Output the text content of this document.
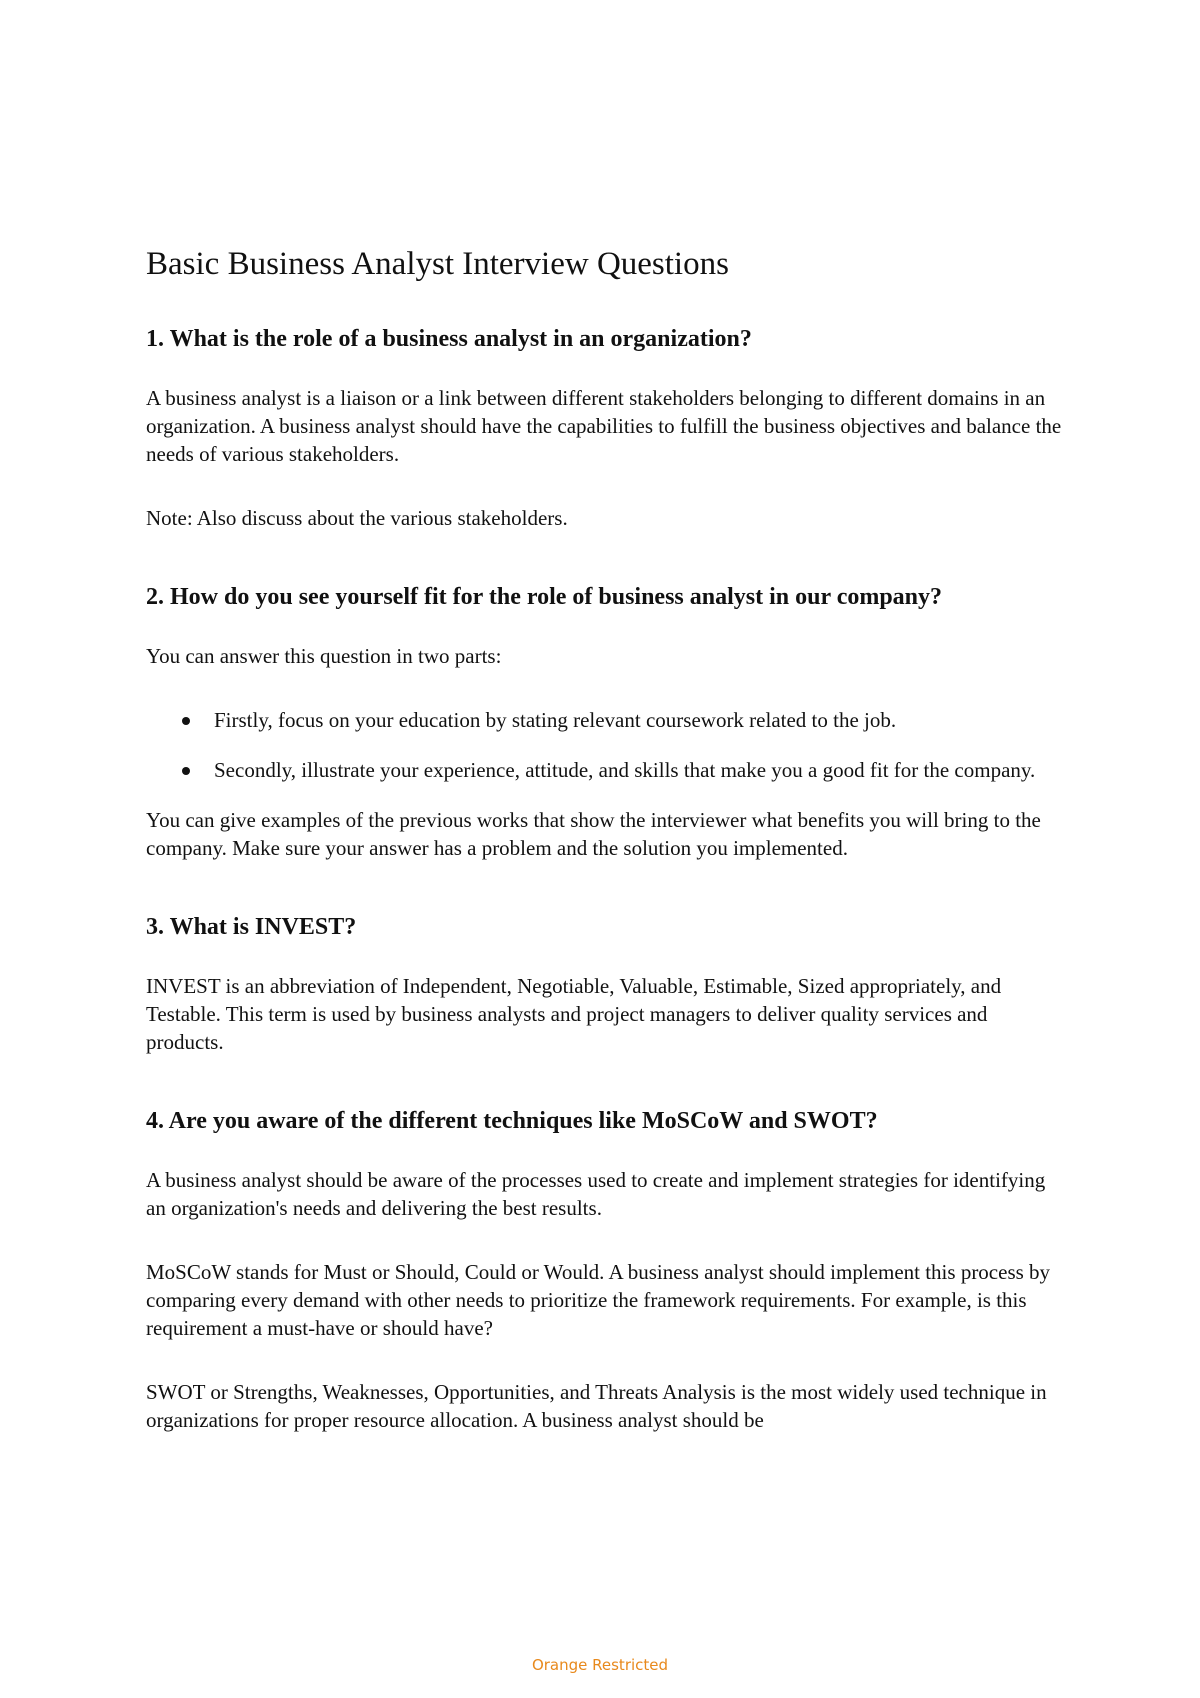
Basic Business Analyst Interview Questions
1. What is the role of a business analyst in an organization?

A business analyst is a liaison or a link between different stakeholders belonging to different domains in an organization. A business analyst should have the capabilities to fulfill the business objectives and balance the needs of various stakeholders.

Note: Also discuss about the various stakeholders.

2. How do you see yourself fit for the role of business analyst in our company?

You can answer this question in two parts:

Firstly, focus on your education by stating relevant coursework related to the job.
Secondly, illustrate your experience, attitude, and skills that make you a good fit for the company.

You can give examples of the previous works that show the interviewer what benefits you will bring to the company. Make sure your answer has a problem and the solution you implemented.

3. What is INVEST?

INVEST is an abbreviation of Independent, Negotiable, Valuable, Estimable, Sized appropriately, and Testable. This term is used by business analysts and project managers to deliver quality services and products.

4. Are you aware of the different techniques like MoSCoW and SWOT?

A business analyst should be aware of the processes used to create and implement strategies for identifying an organization's needs and delivering the best results.

MoSCoW stands for Must or Should, Could or Would. A business analyst should implement this process by comparing every demand with other needs to prioritize the framework requirements. For example, is this requirement a must-have or should have?

SWOT or Strengths, Weaknesses, Opportunities, and Threats Analysis is the most widely used technique in organizations for proper resource allocation. A business analyst should be

Orange Restricted
